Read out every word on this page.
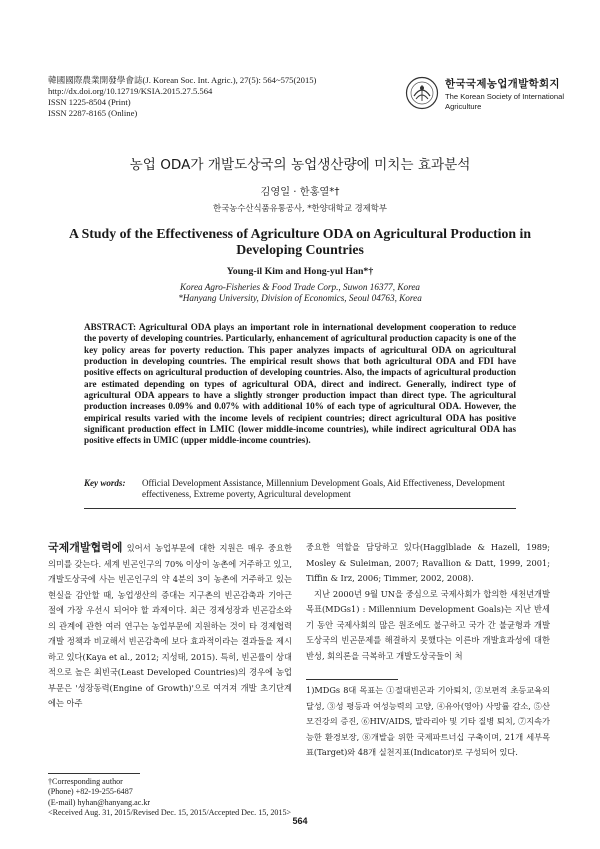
韓國國際農業開發學會誌(J. Korean Soc. Int. Agric.), 27(5): 564~575(2015)
http://dx.doi.org/10.12719/KSIA.2015.27.5.564
ISSN 1225-8504 (Print)
ISSN 2287-8165 (Online)
한국국제농업개발학회지
The Korean Society of International Agriculture
농업 ODA가 개발도상국의 농업생산량에 미치는 효과분석
김영일 · 한홍열*†
한국농수산식품유통공사, *한양대학교 경제학부
A Study of the Effectiveness of Agriculture ODA on Agricultural Production in Developing Countries
Young-il Kim and Hong-yul Han*†
Korea Agro-Fisheries & Food Trade Corp., Suwon 16377, Korea
*Hanyang University, Division of Economics, Seoul 04763, Korea
ABSTRACT: Agricultural ODA plays an important role in international development cooperation to reduce the poverty of developing countries. Particularly, enhancement of agricultural production capacity is one of the key policy areas for poverty reduction. This paper analyzes impacts of agricultural ODA on agricultural production in developing countries. The empirical result shows that both agricultural ODA and FDI have positive effects on agricultural production of developing countries. Also, the impacts of agricultural production are estimated depending on types of agricultural ODA, direct and indirect. Generally, indirect type of agricultural ODA appears to have a slightly stronger production impact than direct type. The agricultural production increases 0.09% and 0.07% with additional 10% of each type of agricultural ODA. However, the empirical results varied with the income levels of recipient countries; direct agricultural ODA has positive significant production effect in LMIC (lower middle-income countries), while indirect agricultural ODA has positive effects in UMIC (upper middle-income countries).
Key words:	Official Development Assistance, Millennium Development Goals, Aid Effectiveness, Development effectiveness, Extreme poverty, Agricultural development

국제개발협력에 있어서 농업부문에 대한 지원은 매우 중요한 의미를 갖는다. 세계 빈곤인구의 70% 이상이 농촌에 거주하고 있고, 개발도상국에 사는 빈곤인구의 약 4분의 3이 농촌에 거주하고 있는 현실을 감안할 때, 농업생산의 증대는 지구촌의 빈곤감축과 기아근절에 가장 우선시 되어야 할 과제이다. 최근 경제성장과 빈곤감소와의 관계에 관한 여러 연구는 농업부문에 지원하는 것이 타 경제협력개발 정책과 비교해서 빈곤감축에 보다 효과적이라는 결과들을 제시하고 있다(Kaya et al., 2012; 지성태, 2015). 특히, 빈곤률이 상대적으로 높은 최빈국(Least Developed Countries)의 경우에 농업부문은 '성장동력(Engine of Growth)'으로 여겨져 개발 초기단계에는 아주

중요한 역할을 담당하고 있다(Hagglblade & Hazell, 1989; Mosley & Suleiman, 2007; Ravallion & Datt, 1999, 2001; Tiffin & Irz, 2006; Timmer, 2002, 2008).

지난 2000년 9월 UN을 중심으로 국제사회가 합의한 새천년개발목표(MDGs1) : Millennium Development Goals)는 지난 반세기 동안 국제사회의 많은 원조에도 불구하고 국가 간 불균형과 개발도상국의 빈곤문제를 해결하지 못했다는 이른바 개발효과성에 대한 반성, 회의론을 극복하고 개발도상국들이 처

1)MDGs 8대 목표는 ①절대빈곤과 기아퇴치, ②보편적 초등교육의 달성, ③성 평등과 여성능력의 고양, ④유아(영아) 사망률 감소, ⑤산모건강의 증진, ⑥HIV/AIDS, 말라리아 및 기타 질병 퇴치, ⑦지속가능한 환경보장, ⑧개발을 위한 국제파트너십 구축이며, 21개 세부목표(Target)와 48개 실천지표(Indicator)로 구성되어 있다.
†Corresponding author
(Phone) +82-19-255-6487
(E-mail) hyhan@hanyang.ac.kr
<Received Aug. 31, 2015/Revised Dec. 15, 2015/Accepted Dec. 15, 2015>
564
